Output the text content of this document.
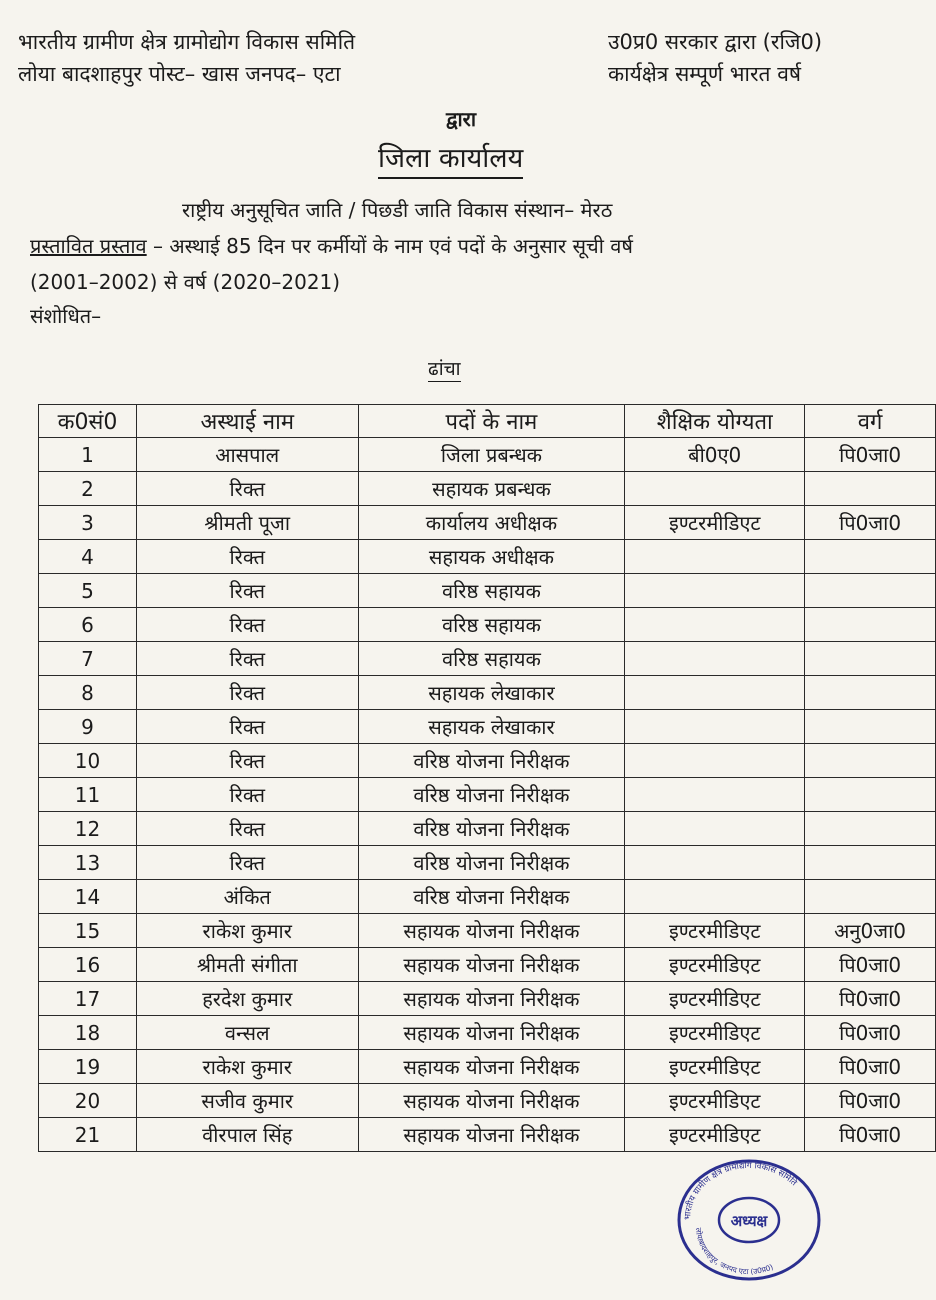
भारतीय ग्रामीण क्षेत्र ग्रामोद्योग विकास समिति
लोया बादशाहपुर पोस्ट– खास जनपद– एटा
उ0प्र0 सरकार द्वारा (रजि0)
कार्यक्षेत्र सम्पूर्ण भारत वर्ष
द्वारा
जिला कार्यालय
राष्ट्रीय अनुसूचित जाति / पिछडी जाति विकास संस्थान– मेरठ
प्रस्तावित प्रस्ताव – अस्थाई 85 दिन पर कर्मीयों के नाम एवं पदों के अनुसार सूची वर्ष
(2001–2002) से वर्ष (2020–2021)
संशोधित–
ढांचा
क0सं0	अस्थाई नाम	पदों के नाम	शैक्षिक योग्यता	वर्ग
1	आसपाल	जिला प्रबन्धक	बी0ए0	पि0जा0
2	रिक्त	सहायक प्रबन्धक		
3	श्रीमती पूजा	कार्यालय अधीक्षक	इण्टरमीडिएट	पि0जा0
4	रिक्त	सहायक अधीक्षक		
5	रिक्त	वरिष्ठ सहायक		
6	रिक्त	वरिष्ठ सहायक		
7	रिक्त	वरिष्ठ सहायक		
8	रिक्त	सहायक लेखाकार		
9	रिक्त	सहायक लेखाकार		
10	रिक्त	वरिष्ठ योजना निरीक्षक		
11	रिक्त	वरिष्ठ योजना निरीक्षक		
12	रिक्त	वरिष्ठ योजना निरीक्षक		
13	रिक्त	वरिष्ठ योजना निरीक्षक		
14	अंकित	वरिष्ठ योजना निरीक्षक		
15	राकेश कुमार	सहायक योजना निरीक्षक	इण्टरमीडिएट	अनु0जा0
16	श्रीमती संगीता	सहायक योजना निरीक्षक	इण्टरमीडिएट	पि0जा0
17	हरदेश कुमार	सहायक योजना निरीक्षक	इण्टरमीडिएट	पि0जा0
18	वन्सल	सहायक योजना निरीक्षक	इण्टरमीडिएट	पि0जा0
19	राकेश कुमार	सहायक योजना निरीक्षक	इण्टरमीडिएट	पि0जा0
20	सजीव कुमार	सहायक योजना निरीक्षक	इण्टरमीडिएट	पि0जा0
21	वीरपाल सिंह	सहायक योजना निरीक्षक	इण्टरमीडिएट	पि0जा0
भारतीय ग्रामीण क्षेत्र ग्रामोद्योग विकास समिति
लोयाबादशाहपुर, जनपद एटा (उ0प्र0)
अध्यक्ष
